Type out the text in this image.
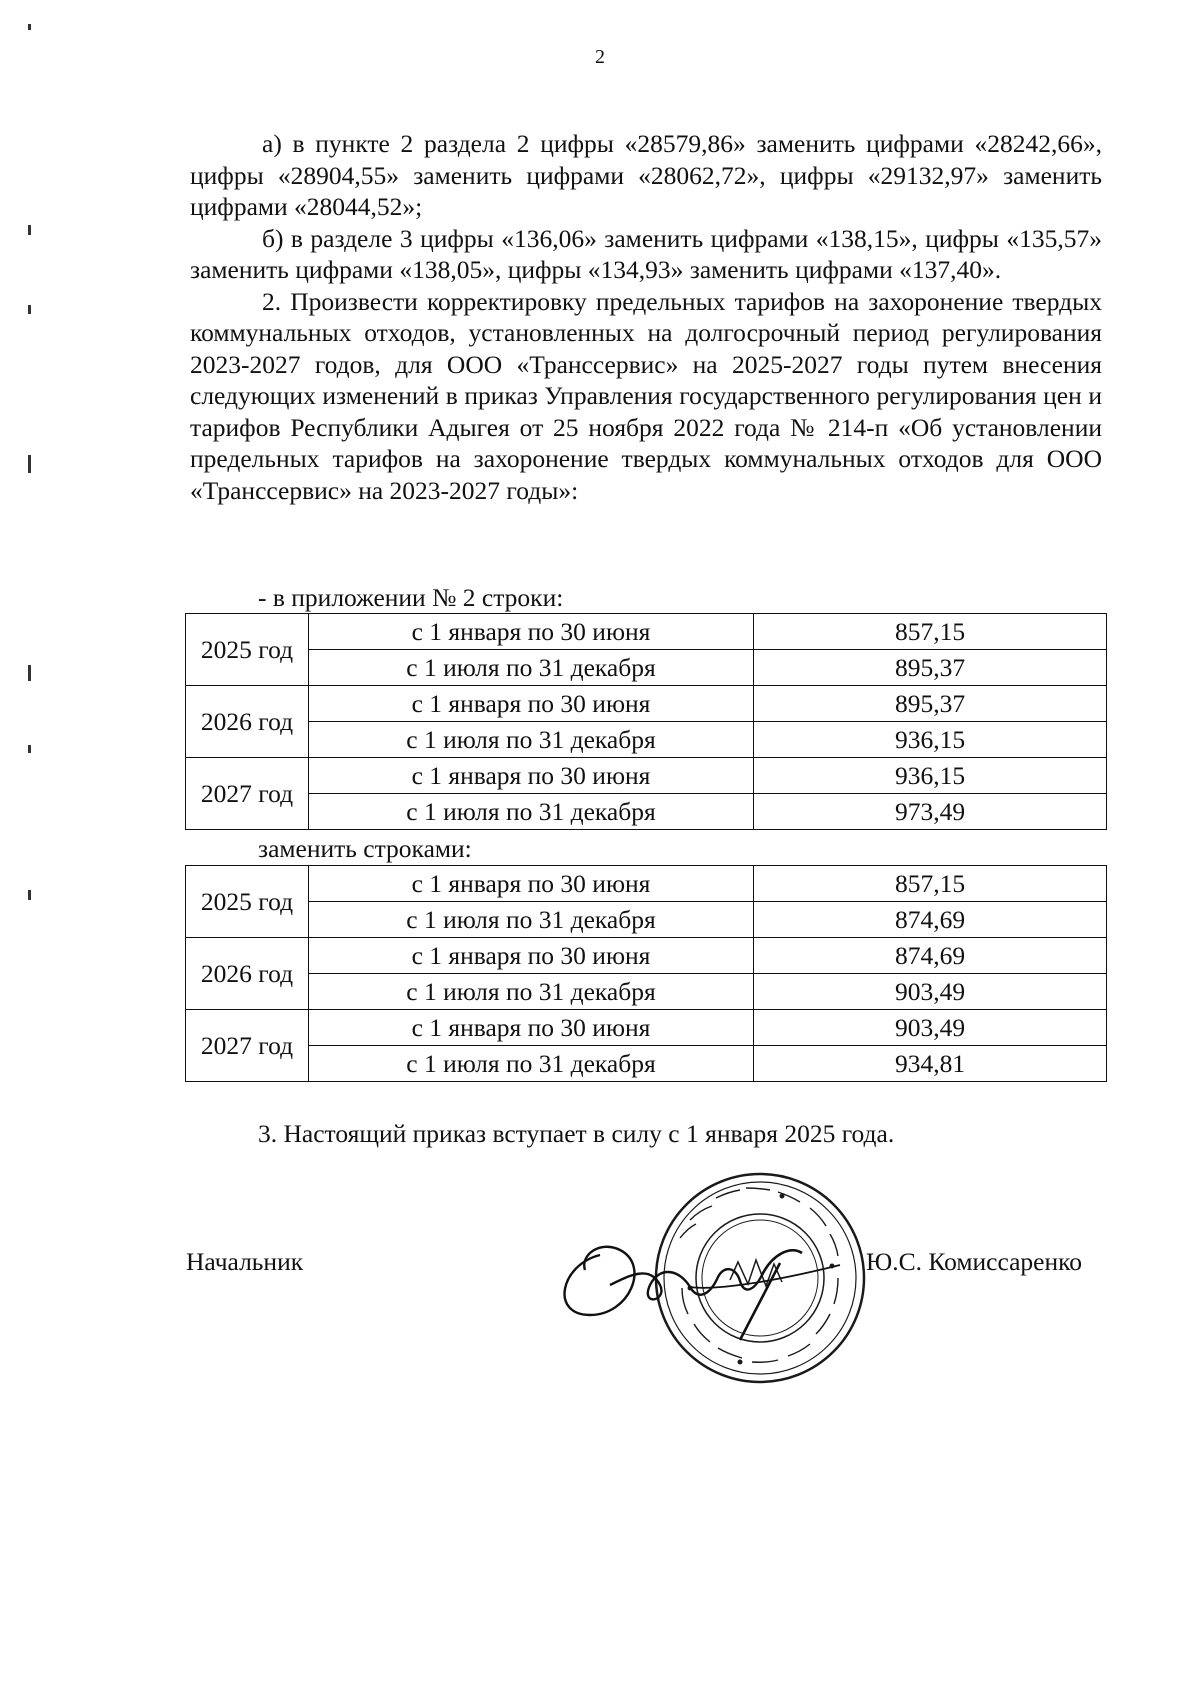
2

а) в пункте 2 раздела 2 цифры «28579,86» заменить цифрами «28242,66», цифры «28904,55» заменить цифрами «28062,72», цифры «29132,97» заменить цифрами «28044,52»;

б) в разделе 3 цифры «136,06» заменить цифрами «138,15», цифры «135,57» заменить цифрами «138,05», цифры «134,93» заменить цифрами «137,40».

2. Произвести корректировку предельных тарифов на захоронение твердых коммунальных отходов, установленных на долгосрочный период регулирования 2023-2027 годов, для ООО «Транссервис» на 2025-2027 годы путем внесения следующих изменений в приказ Управления государственного регулирования цен и тарифов Республики Адыгея от 25 ноября 2022 года № 214-п «Об установлении предельных тарифов на захоронение твердых коммунальных отходов для ООО «Транссервис» на 2023-2027 годы»:

- в приложении № 2 строки:
2025 год	с 1 января по 30 июня	857,15
	с 1 июля по 31 декабря	895,37
2026 год	с 1 января по 30 июня	895,37
	с 1 июля по 31 декабря	936,15
2027 год	с 1 января по 30 июня	936,15
	с 1 июля по 31 декабря	973,49
заменить строками:
2025 год	с 1 января по 30 июня	857,15
	с 1 июля по 31 декабря	874,69
2026 год	с 1 января по 30 июня	874,69
	с 1 июля по 31 декабря	903,49
2027 год	с 1 января по 30 июня	903,49
	с 1 июля по 31 декабря	934,81
3. Настоящий приказ вступает в силу с 1 января 2025 года.
Начальник	Ю.С. Комиссаренко
